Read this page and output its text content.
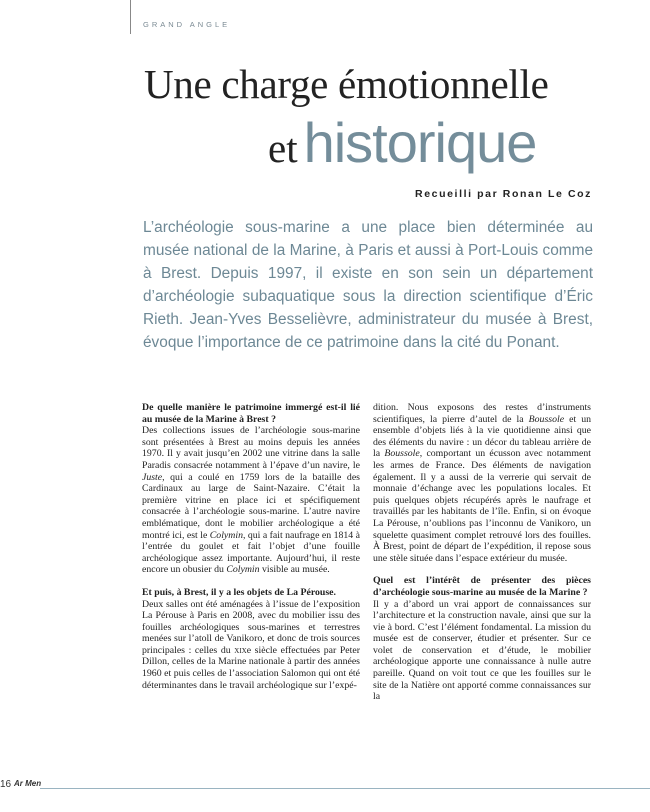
GRAND ANGLE
Une charge émotionnelle
et historique
Recueilli par Ronan Le Coz
L’archéologie sous-marine a une place bien déterminée au musée national de la Marine, à Paris et aussi à Port-Louis comme à Brest. Depuis 1997, il existe en son sein un département d’archéologie subaquatique sous la direction scientifique d’Éric Rieth. Jean-Yves Besselièvre, administrateur du musée à Brest, évoque l’importance de ce patrimoine dans la cité du Ponant.

De quelle manière le patrimoine immergé est-il lié au musée de la Marine à Brest ?

Des collections issues de l’archéologie sous-marine sont présentées à Brest au moins depuis les années 1970. Il y avait jusqu’en 2002 une vitrine dans la salle Paradis consacrée notamment à l’épave d’un navire, le Juste, qui a coulé en 1759 lors de la bataille des Cardinaux au large de Saint-Nazaire. C’était la première vitrine en place ici et spécifiquement consacrée à l’archéologie sous-marine. L’autre navire emblématique, dont le mobilier archéologique a été montré ici, est le Colymin, qui a fait naufrage en 1814 à l’entrée du goulet et fait l’objet d’une fouille archéologique assez importante. Aujourd’hui, il reste encore un obusier du Colymin visible au musée.

Et puis, à Brest, il y a les objets de La Pérouse.

Deux salles ont été aménagées à l’issue de l’exposition La Pérouse à Paris en 2008, avec du mobilier issu des fouilles archéologiques sous-marines et terrestres menées sur l’atoll de Vanikoro, et donc de trois sources principales : celles du xixe siècle effectuées par Peter Dillon, celles de la Marine nationale à partir des années 1960 et puis celles de l’association Salomon qui ont été déterminantes dans le travail archéologique sur l’expé-

dition. Nous exposons des restes d’instruments scientifiques, la pierre d’autel de la Boussole et un ensemble d’objets liés à la vie quotidienne ainsi que des éléments du navire : un décor du tableau arrière de la Boussole, comportant un écusson avec notamment les armes de France. Des éléments de navigation également. Il y a aussi de la verrerie qui servait de monnaie d’échange avec les populations locales. Et puis quelques objets récupérés après le naufrage et travaillés par les habitants de l’île. Enfin, si on évoque La Pérouse, n’oublions pas l’inconnu de Vanikoro, un squelette quasiment complet retrouvé lors des fouilles. À Brest, point de départ de l’expédition, il repose sous une stèle située dans l’espace extérieur du musée.

Quel est l’intérêt de présenter des pièces d’archéologie sous-marine au musée de la Marine ?

Il y a d’abord un vrai apport de connaissances sur l’architecture et la construction navale, ainsi que sur la vie à bord. C’est l’élément fondamental. La mission du musée est de conserver, étudier et présenter. Sur ce volet de conservation et d’étude, le mobilier archéologique apporte une connaissance à nulle autre pareille. Quand on voit tout ce que les fouilles sur le site de la Natière ont apporté comme connaissances sur la

16 Ar Men
